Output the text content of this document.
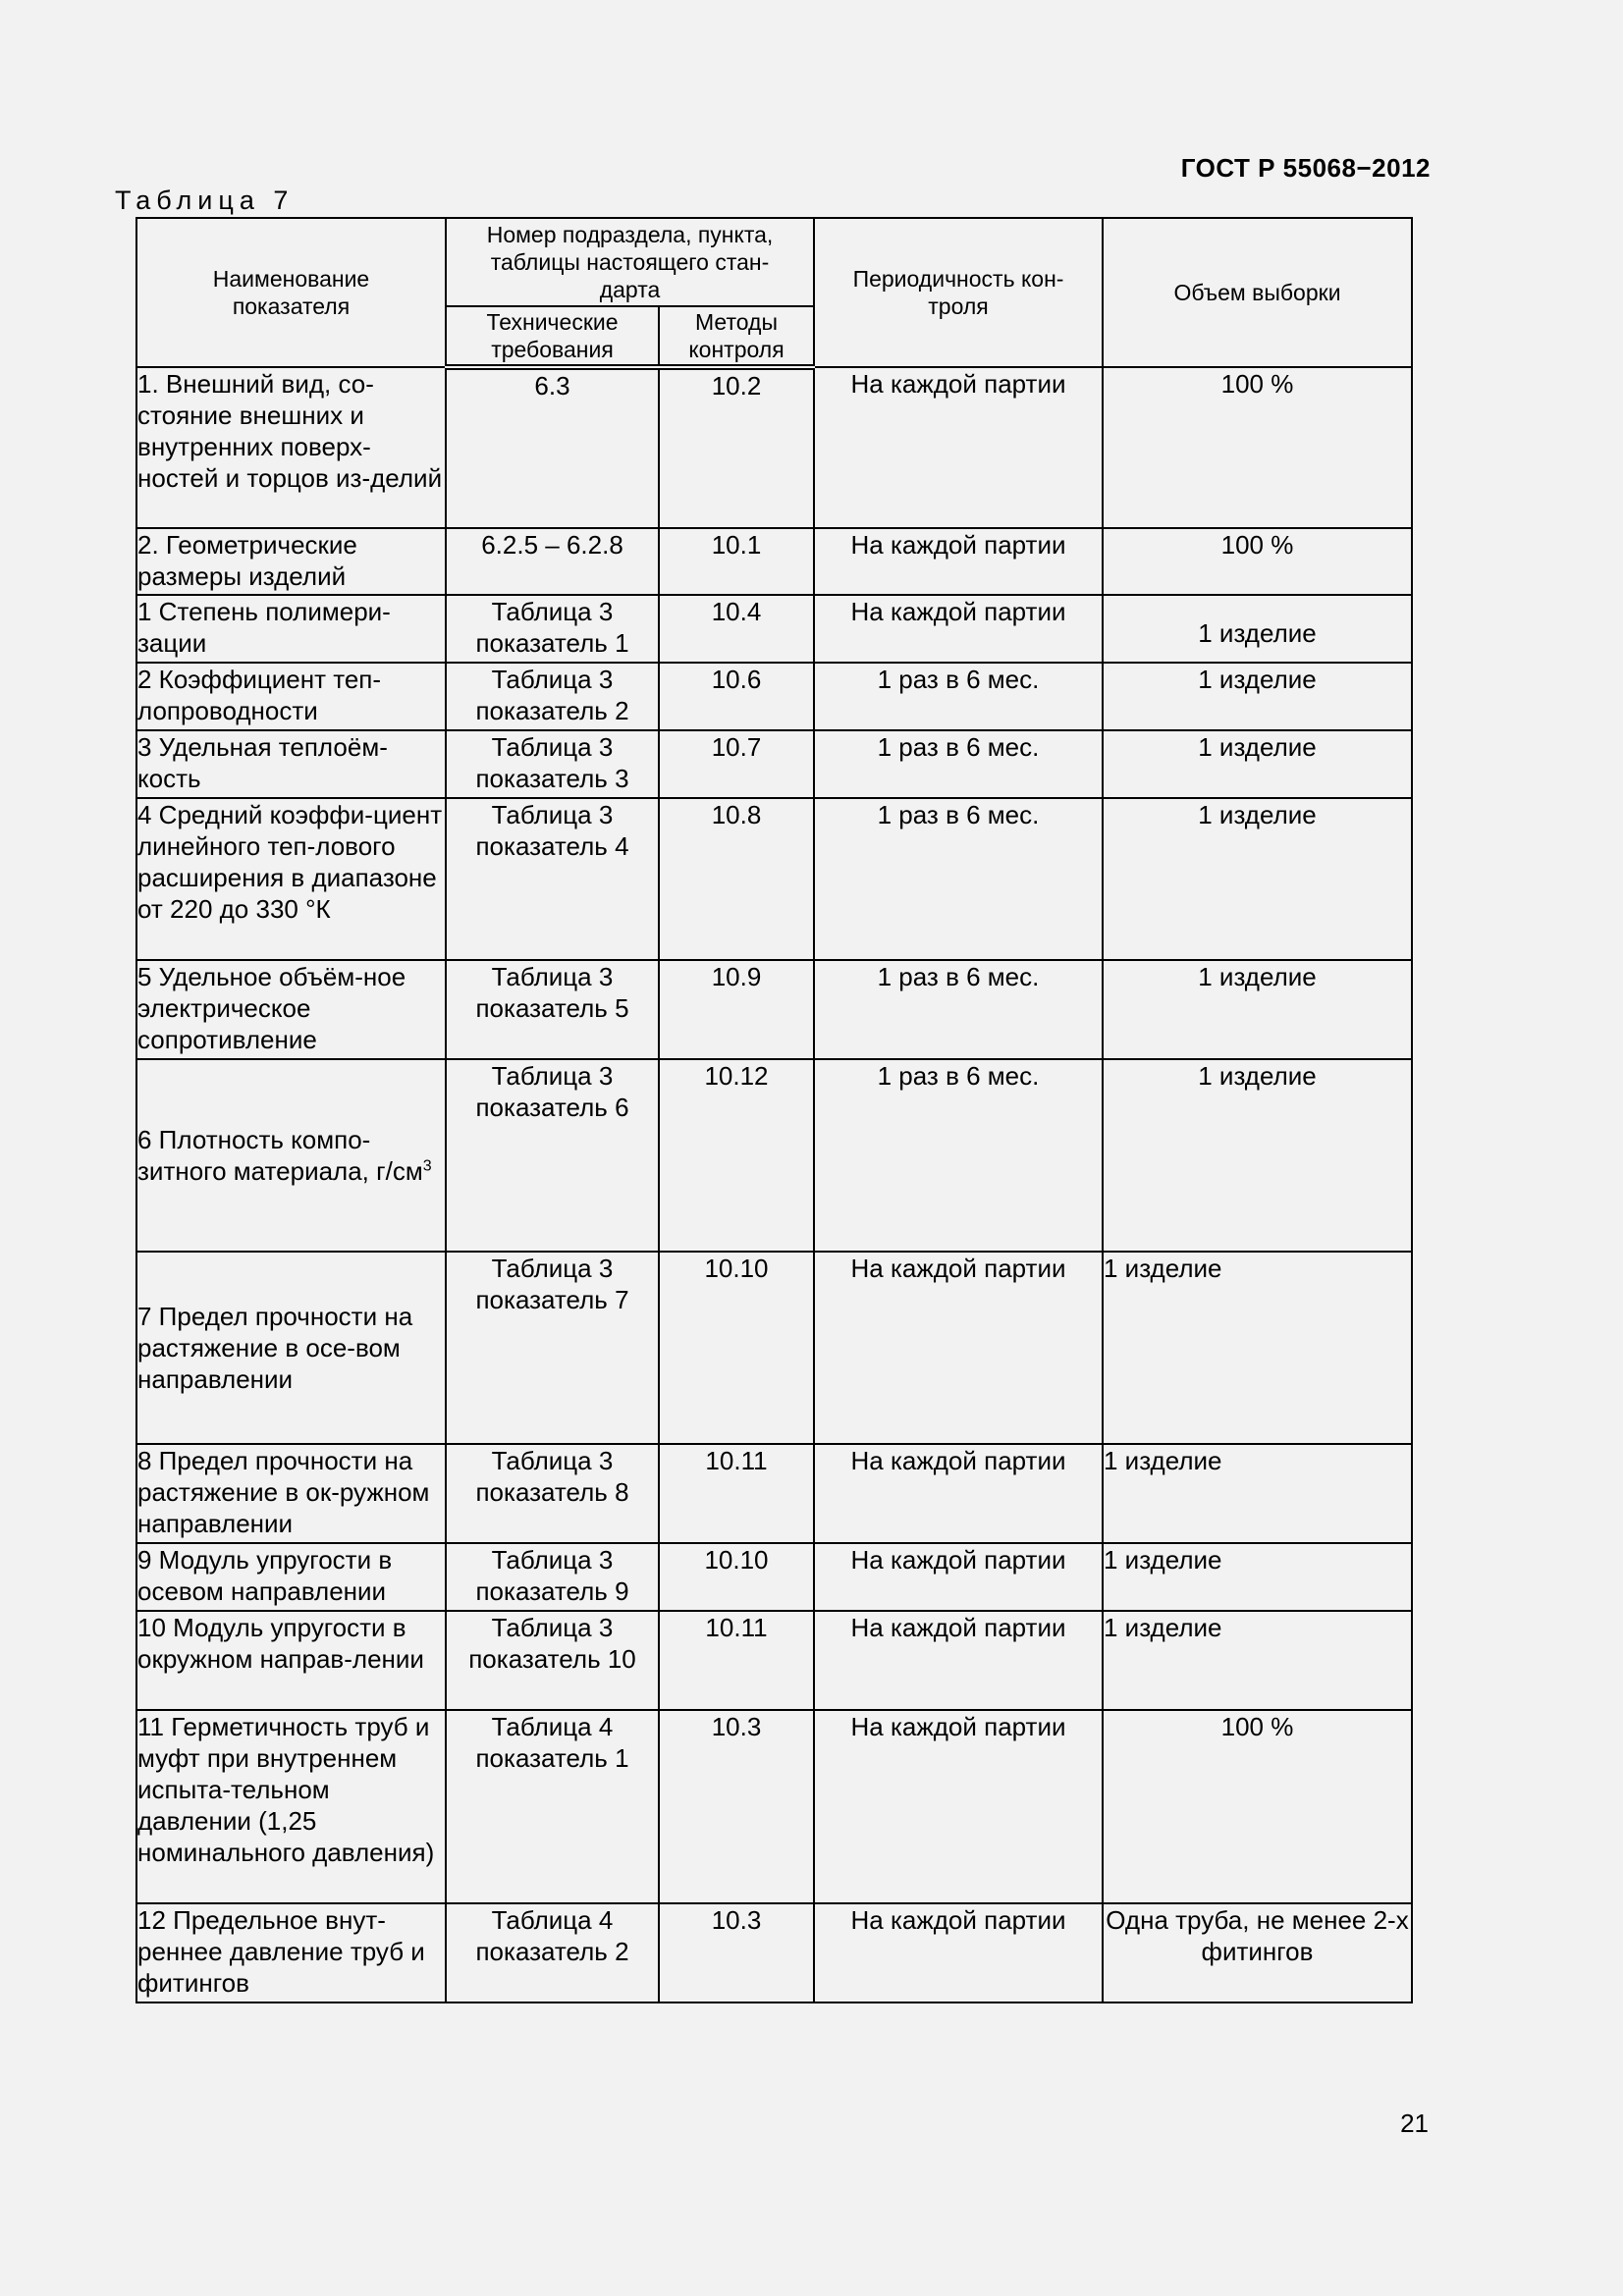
ГОСТ Р 55068−2012
Таблица 7
Наименование показателя	Номер подраздела, пункта, таблицы настоящего стан-дарта		Периодичность кон-троля	Объем выборки
	Технические требования	Методы контроля		
1. Внешний вид, со-стояние внешних и внутренних поверх-ностей и торцов из-делий	6.3	10.2	На каждой партии	100 %
2. Геометрические размеры изделий	6.2.5 – 6.2.8	10.1	На каждой партии	100 %
1 Степень полимери-зации	Таблица 3 показатель 1	10.4	На каждой партии	1 изделие
2 Коэффициент теп-лопроводности	Таблица 3 показатель 2	10.6	1 раз в 6 мес.	1 изделие
3 Удельная теплоём-кость	Таблица 3 показатель 3	10.7	1 раз в 6 мес.	1 изделие
4 Средний коэффи-циент линейного теп-лового расширения в диапазоне от 220 до 330 °К	Таблица 3 показатель 4	10.8	1 раз в 6 мес.	1 изделие
5 Удельное объём-ное электрическое сопротивление	Таблица 3 показатель 5	10.9	1 раз в 6 мес.	1 изделие
6 Плотность компо-зитного материала, $г/см^3$	Таблица 3 показатель 6	10.12	1 раз в 6 мес.	1 изделие
7 Предел прочности на растяжение в осе-вом направлении	Таблица 3 показатель 7	10.10	На каждой партии	1 изделие
8 Предел прочности на растяжение в ок-ружном направлении	Таблица 3 показатель 8	10.11	На каждой партии	1 изделие
9 Модуль упругости в осевом направлении	Таблица 3 показатель 9	10.10	На каждой партии	1 изделие
10 Модуль упругости в окружном направ-лении	Таблица 3 показатель 10	10.11	На каждой партии	1 изделие
11 Герметичность труб и муфт при внутреннем испыта-тельном давлении (1,25 номинального давления)	Таблица 4 показатель 1	10.3	На каждой партии	100 %
12 Предельное внут-реннее давление труб и фитингов	Таблица 4 показатель 2	10.3	На каждой партии	Одна труба, не менее 2-х фитингов
21
